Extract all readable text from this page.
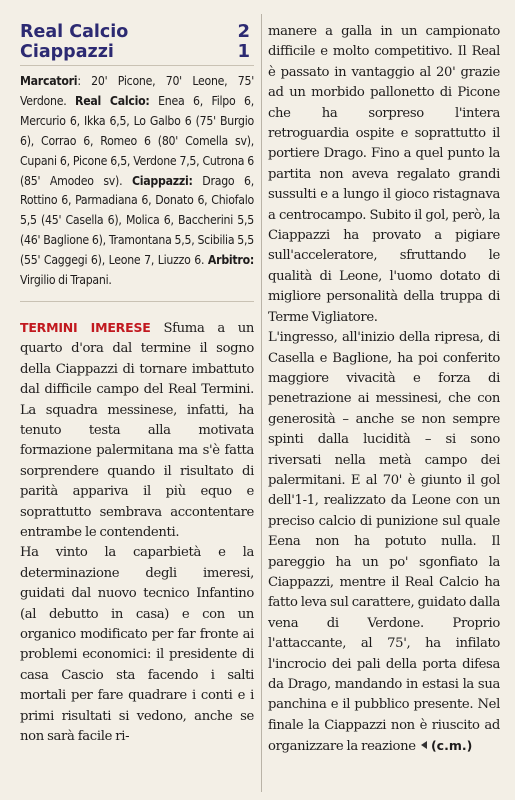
Real Calcio	2
Ciappazzi	1
Marcatori: 20' Picone, 70' Leone, 75' Verdone. Real Calcio: Enea 6, Filpo 6, Mercurio 6, Ikka 6,5, Lo Galbo 6 (75' Burgio 6), Corrao 6, Romeo 6 (80' Comella sv), Cupani 6, Picone 6,5, Verdone 7,5, Cutrona 6 (85' Amodeo sv). Ciappazzi: Drago 6, Rottino 6, Parmadiana 6, Donato 6, Chiofalo 5,5 (45' Casella 6), Molica 6, Baccherini 5,5 (46' Baglione 6), Tramontana 5,5, Scibilia 5,5 (55' Caggegi 6), Leone 7, Liuzzo 6. Arbitro: Virgilio di Trapani.
TERMINI IMERESE Sfuma a un quarto d'ora dal termine il sogno della Ciappazzi di tornare imbattuto dal difficile campo del Real Termini. La squadra messinese, infatti, ha tenuto testa alla motivata formazione palermitana ma s'è fatta sorprendere quando il risultato di parità appariva il più equo e soprattutto sembrava accontentare entrambe le contendenti.
Ha vinto la caparbietà e la determinazione degli imeresi, guidati dal nuovo tecnico Infantino (al debutto in casa) e con un organico modificato per far fronte ai problemi economici: il presidente di casa Cascio sta facendo i salti mortali per fare quadrare i conti e i primi risultati si vedono, anche se non sarà facile ri-
manere a galla in un campionato difficile e molto competitivo. Il Real è passato in vantaggio al 20' grazie ad un morbido pallonetto di Picone che ha sorpreso l'intera retroguardia ospite e soprattutto il portiere Drago. Fino a quel punto la partita non aveva regalato grandi sussulti e a lungo il gioco ristagnava a centrocampo. Subito il gol, però, la Ciappazzi ha provato a pigiare sull'acceleratore, sfruttando le qualità di Leone, l'uomo dotato di migliore personalità della truppa di Terme Vigliatore.
L'ingresso, all'inizio della ripresa, di Casella e Baglione, ha poi conferito maggiore vivacità e forza di penetrazione ai messinesi, che con generosità – anche se non sempre spinti dalla lucidità – si sono riversati nella metà campo dei palermitani. E al 70' è giunto il gol dell'1-1, realizzato da Leone con un preciso calcio di punizione sul quale Eena non ha potuto nulla. Il pareggio ha un po' sgonfiato la Ciappazzi, mentre il Real Calcio ha fatto leva sul carattere, guidato dalla vena di Verdone. Proprio l'attaccante, al 75', ha infilato l'incrocio dei pali della porta difesa da Drago, mandando in estasi la sua panchina e il pubblico presente. Nel finale la Ciappazzi non è riuscito ad organizzare la reazione (c.m.)
